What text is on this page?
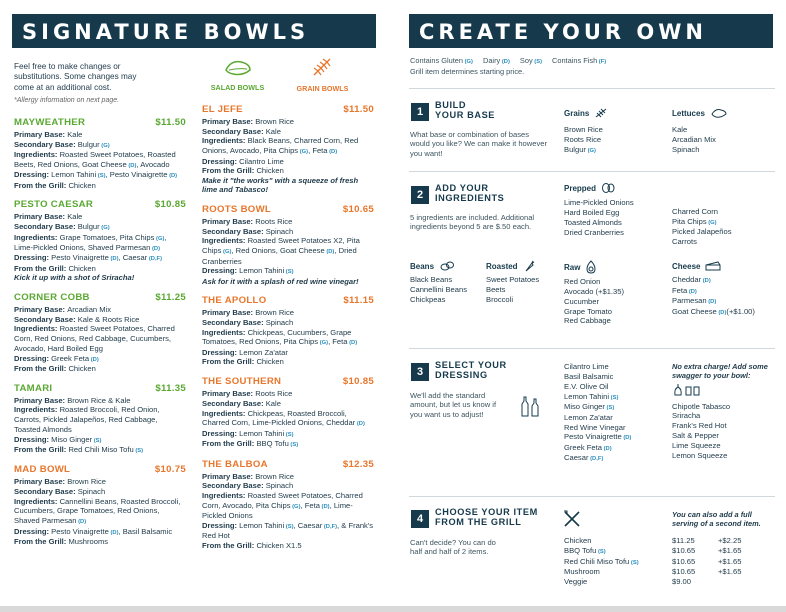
SIGNATURE BOWLS
Feel free to make changes or substitutions. Some changes may come at an additional cost.
*Allergy information on next page.
SALAD BOWLS	GRAIN BOWLS
MAYWEATHER	$11.50
Primary Base: Kale
Secondary Base: Bulgur (G)
Ingredients: Roasted Sweet Potatoes, Roasted Beets, Red Onions, Goat Cheese (D), Avocado
Dressing: Lemon Tahini (S), Pesto Vinaigrette (D)
From the Grill: Chicken
PESTO CAESAR	$10.85
Primary Base: Kale
Secondary Base: Bulgur (G)
Ingredients: Grape Tomatoes, Pita Chips (G), Lime-Pickled Onions, Shaved Parmesan (D)
Dressing: Pesto Vinaigrette (D), Caesar (D,F)
From the Grill: Chicken
Kick it up with a shot of Sriracha!
CORNER COBB	$11.25
Primary Base: Arcadian Mix
Secondary Base: Kale & Roots Rice
Ingredients: Roasted Sweet Potatoes, Charred Corn, Red Onions, Red Cabbage, Cucumbers, Avocado, Hard Boiled Egg
Dressing: Greek Feta (D)
From the Grill: Chicken
TAMARI	$11.35
Primary Base: Brown Rice & Kale
Ingredients: Roasted Broccoli, Red Onion, Carrots, Pickled Jalapeños, Red Cabbage, Toasted Almonds
Dressing: Miso Ginger (S)
From the Grill: Red Chili Miso Tofu (S)
MAD BOWL	$10.75
Primary Base: Brown Rice
Secondary Base: Spinach
Ingredients: Cannellini Beans, Roasted Broccoli, Cucumbers, Grape Tomatoes, Red Onions, Shaved Parmesan (D)
Dressing: Pesto Vinaigrette (D), Basil Balsamic
From the Grill: Mushrooms
EL JEFE	$11.50
Primary Base: Brown Rice
Secondary Base: Kale
Ingredients: Black Beans, Charred Corn, Red Onions, Avocado, Pita Chips (G), Feta (D)
Dressing: Cilantro Lime
From the Grill: Chicken
Make it "the works" with a squeeze of fresh lime and Tabasco!
ROOTS BOWL	$10.65
Primary Base: Roots Rice
Secondary Base: Spinach
Ingredients: Roasted Sweet Potatoes X2, Pita Chips (G), Red Onions, Goat Cheese (D), Dried Cranberries
Dressing: Lemon Tahini (S)
Ask for it with a splash of red wine vinegar!
THE APOLLO	$11.15
Primary Base: Brown Rice
Secondary Base: Spinach
Ingredients: Chickpeas, Cucumbers, Grape Tomatoes, Red Onions, Pita Chips (G), Feta (D)
Dressing: Lemon Za'atar
From the Grill: Chicken
THE SOUTHERN	$10.85
Primary Base: Roots Rice
Secondary Base: Kale
Ingredients: Chickpeas, Roasted Broccoli, Charred Corn, Lime-Pickled Onions, Cheddar (D)
Dressing: Lemon Tahini (S)
From the Grill: BBQ Tofu (S)
THE BALBOA	$12.35
Primary Base: Brown Rice
Secondary Base: Spinach
Ingredients: Roasted Sweet Potatoes, Charred Corn, Avocado, Pita Chips (G), Feta (D), Lime-Pickled Onions
Dressing: Lemon Tahini (S), Caesar (D,F), & Frank's Red Hot
From the Grill: Chicken X1.5
CREATE YOUR OWN
Contains Gluten (G) Dairy (D) Soy (S) Contains Fish (F)
Grill item determines starting price.
1
BUILD
YOUR BASE
What base or combination of bases would you like? We can make it however you want!
Grains
Brown Rice
Roots Rice
Bulgur (G)
Lettuces
Kale
Arcadian Mix
Spinach
2
ADD YOUR
INGREDIENTS
5 ingredients are included. Additional ingredients beyond 5 are $.50 each.
Prepped
Lime-Pickled Onions
Hard Boiled Egg
Toasted Almonds
Dried Cranberries
Charred Corn
Pita Chips (G)
Picked Jalapeños
Carrots
Beans
Black Beans
Cannellini Beans
Chickpeas
Roasted
Sweet Potatoes
Beets
Broccoli
Raw
Red Onion
Avocado (+$1.35)
Cucumber
Grape Tomato
Red Cabbage
Cheese
Cheddar (D)
Feta (D)
Parmesan (D)
Goat Cheese (D)(+$1.00)
3
SELECT YOUR
DRESSING
We'll add the standard amount, but let us know if you want us to adjust!
Cilantro Lime
Basil Balsamic
E.V. Olive Oil
Lemon Tahini (S)
Miso Ginger (S)
Lemon Za'atar
Red Wine Vinegar
Pesto Vinaigrette (D)
Greek Feta (D)
Caesar (D,F)
No extra charge! Add some swagger to your bowl:
Chipotle Tabasco
Sriracha
Frank's Red Hot
Salt & Pepper
Lime Squeeze
Lemon Squeeze
4
CHOOSE YOUR ITEM
FROM THE GRILL
Can't decide? You can do half and half of 2 items.
You can also add a full serving of a second item.
Chicken	$11.25	+$2.25
BBQ Tofu (S)	$10.65	+$1.65
Red Chili Miso Tofu (S)	$10.65	+$1.65
Mushroom	$10.65	+$1.65
Veggie	$9.00
